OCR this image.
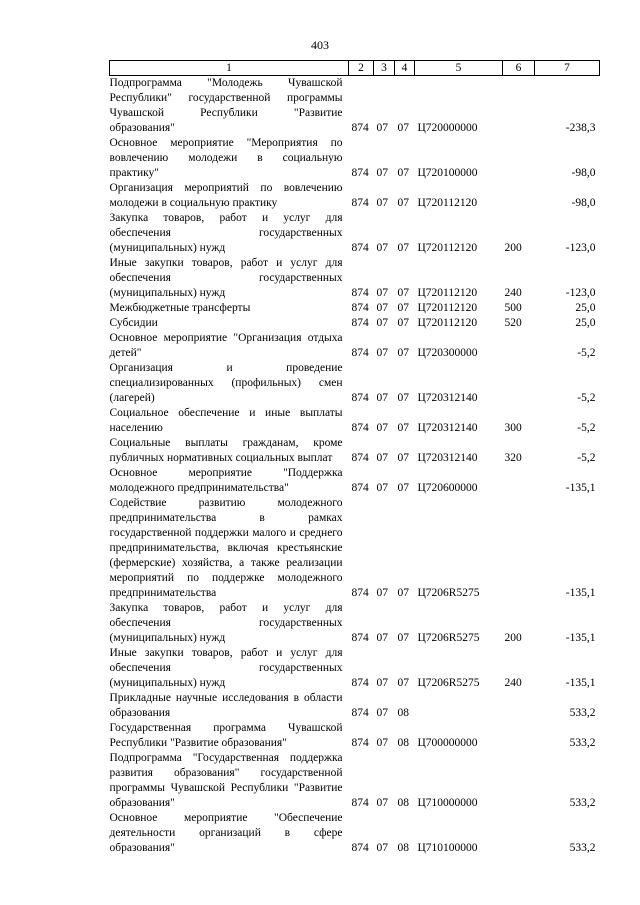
403
1	2	3	4	5	6	7
Подпрограмма "Молодежь Чувашской Республики" государственной программы Чувашской Республики "Развитие образования"	874	07	07	Ц720000000		-238,3
Основное мероприятие "Мероприятия по вовлечению молодежи в социальную практику"	874	07	07	Ц720100000		-98,0
Организация мероприятий по вовлечению молодежи в социальную практику	874	07	07	Ц720112120		-98,0
Закупка товаров, работ и услуг для обеспечения государственных (муниципальных) нужд	874	07	07	Ц720112120	200	-123,0
Иные закупки товаров, работ и услуг для обеспечения государственных (муниципальных) нужд	874	07	07	Ц720112120	240	-123,0
Межбюджетные трансферты	874	07	07	Ц720112120	500	25,0
Субсидии	874	07	07	Ц720112120	520	25,0
Основное мероприятие "Организация отдыха детей"	874	07	07	Ц720300000		-5,2
Организация и проведение специализированных (профильных) смен (лагерей)	874	07	07	Ц720312140		-5,2
Социальное обеспечение и иные выплаты населению	874	07	07	Ц720312140	300	-5,2
Социальные выплаты гражданам, кроме публичных нормативных социальных выплат	874	07	07	Ц720312140	320	-5,2
Основное мероприятие "Поддержка молодежного предпринимательства"	874	07	07	Ц720600000		-135,1
Содействие развитию молодежного предпринимательства в рамках государственной поддержки малого и среднего предпринимательства, включая крестьянские (фермерские) хозяйства, а также реализации мероприятий по поддержке молодежного предпринимательства	874	07	07	Ц7206R5275		-135,1
Закупка товаров, работ и услуг для обеспечения государственных (муниципальных) нужд	874	07	07	Ц7206R5275	200	-135,1
Иные закупки товаров, работ и услуг для обеспечения государственных (муниципальных) нужд	874	07	07	Ц7206R5275	240	-135,1
Прикладные научные исследования в области образования	874	07	08			533,2
Государственная программа Чувашской Республики "Развитие образования"	874	07	08	Ц700000000		533,2
Подпрограмма "Государственная поддержка развития образования" государственной программы Чувашской Республики "Развитие образования"	874	07	08	Ц710000000		533,2
Основное мероприятие "Обеспечение деятельности организаций в сфере образования"	874	07	08	Ц710100000		533,2
